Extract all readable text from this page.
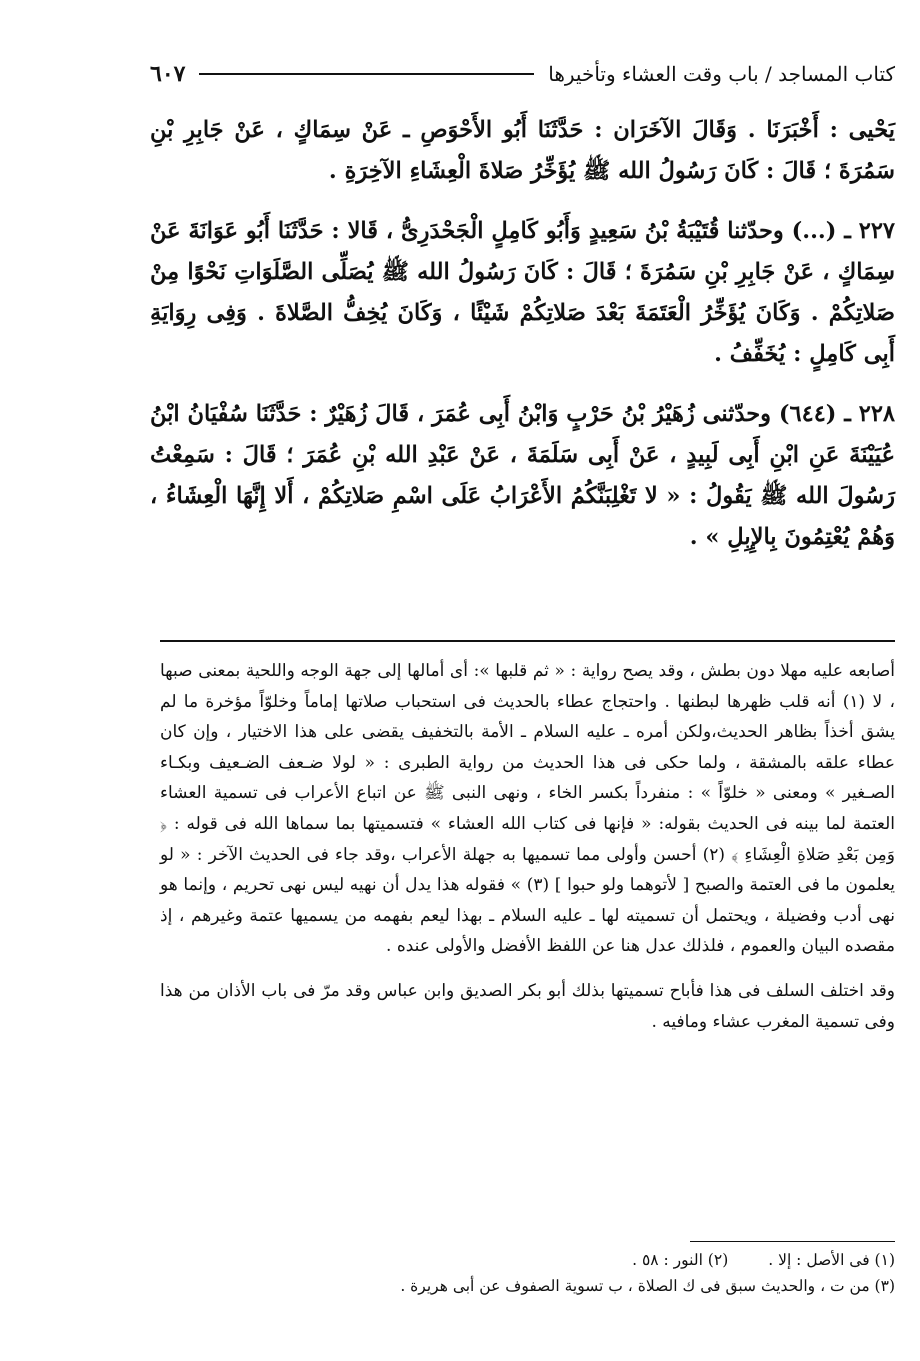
كتاب المساجد / باب وقت العشاء وتأخيرها
٦٠٧

يَحْيى : أَخْبَرَنَا . وَقَالَ الآخَرَان : حَدَّثَنَا أَبُو الأَحْوَصِ ـ عَنْ سِمَاكٍ ، عَنْ جَابِرِ بْنِ سَمُرَةَ ؛ قَالَ : كَانَ رَسُولُ الله ﷺ يُؤَخِّرُ صَلاةَ الْعِشَاءِ الآخِرَةِ .

٢٢٧ ـ (...) وحدّثنا قُتَيْبَةُ بْنُ سَعِيدٍ وَأَبُو كَامِلٍ الْجَحْدَرِىُّ ، قَالا : حَدَّثَنَا أَبُو عَوَانَةَ عَنْ سِمَاكٍ ، عَنْ جَابِرِ بْنِ سَمُرَةَ ؛ قَالَ : كَانَ رَسُولُ الله ﷺ يُصَلِّى الصَّلَوَاتِ نَحْوًا مِنْ صَلاتِكُمْ . وَكَانَ يُؤَخِّرُ الْعَتَمَةَ بَعْدَ صَلاتِكُمْ شَيْئًا ، وَكَانَ يُخِفُّ الصَّلاةَ . وَفِى رِوَايَةِ أَبِى كَامِلٍ : يُخَفِّفُ .

٢٢٨ ـ (٦٤٤) وحدّثنى زُهَيْرُ بْنُ حَرْبٍ وَابْنُ أَبِى عُمَرَ ، قَالَ زُهَيْرٌ : حَدَّثَنَا سُفْيَانُ ابْنُ عُيَيْنَةَ عَنِ ابْنِ أَبِى لَبِيدٍ ، عَنْ أَبِى سَلَمَةَ ، عَنْ عَبْدِ الله بْنِ عُمَرَ ؛ قَالَ : سَمِعْتُ رَسُولَ الله ﷺ يَقُولُ : « لا تَغْلِبَنَّكُمُ الأَعْرَابُ عَلَى اسْمِ صَلاتِكُمْ ، أَلا إِنَّهَا الْعِشَاءُ ، وَهُمْ يُعْتِمُونَ بِالإِبِلِ » .

أصابعه عليه مهلا دون بطش ، وقد يصح رواية : « ثم قلبها »: أى أمالها إلى جهة الوجه واللحية بمعنى صبها ، لا (١) أنه قلب ظهرها لبطنها . واحتجاج عطاء بالحديث فى استحباب صلاتها إماماً وخلوّاً مؤخرة ما لم يشق أخذاً بظاهر الحديث،ولكن أمره ـ عليه السلام ـ الأمة بالتخفيف يقضى على هذا الاختيار ، وإن كان عطاء علقه بالمشقة ، ولما حكى فى هذا الحديث من رواية الطبرى : « لولا ضـعف الضـعيف وبكـاء الصـغير » ومعنى « خلوّاً » : منفرداً بكسر الخاء ، ونهى النبى ﷺ عن اتباع الأعراب فى تسمية العشاء العتمة لما بينه فى الحديث بقوله: « فإنها فى كتاب الله العشاء » فتسميتها بما سماها الله فى قوله : ﴿ وَمِن بَعْدِ صَلاةِ الْعِشَاءِ ﴾ (٢) أحسن وأولى مما تسميها به جهلة الأعراب ،وقد جاء فى الحديث الآخر : « لو يعلمون ما فى العتمة والصبح [ لأتوهما ولو حبوا ] (٣) » فقوله هذا يدل أن نهيه ليس نهى تحريم ، وإنما هو نهى أدب وفضيلة ، ويحتمل أن تسميته لها ـ عليه السلام ـ بهذا ليعم بفهمه من يسميها عتمة وغيرهم ، إذ مقصده البيان والعموم ، فلذلك عدل هنا عن اللفظ الأفضل والأولى عنده .

وقد اختلف السلف فى هذا فأباح تسميتها بذلك أبو بكر الصديق وابن عباس وقد مرّ فى باب الأذان من هذا وفى تسمية المغرب عشاء ومافيه .

(١) فى الأصل : إلا .
(٢) النور : ٥٨ .
(٣) من ت ، والحديث سبق فى ك الصلاة ، ب تسوية الصفوف عن أبى هريرة .
